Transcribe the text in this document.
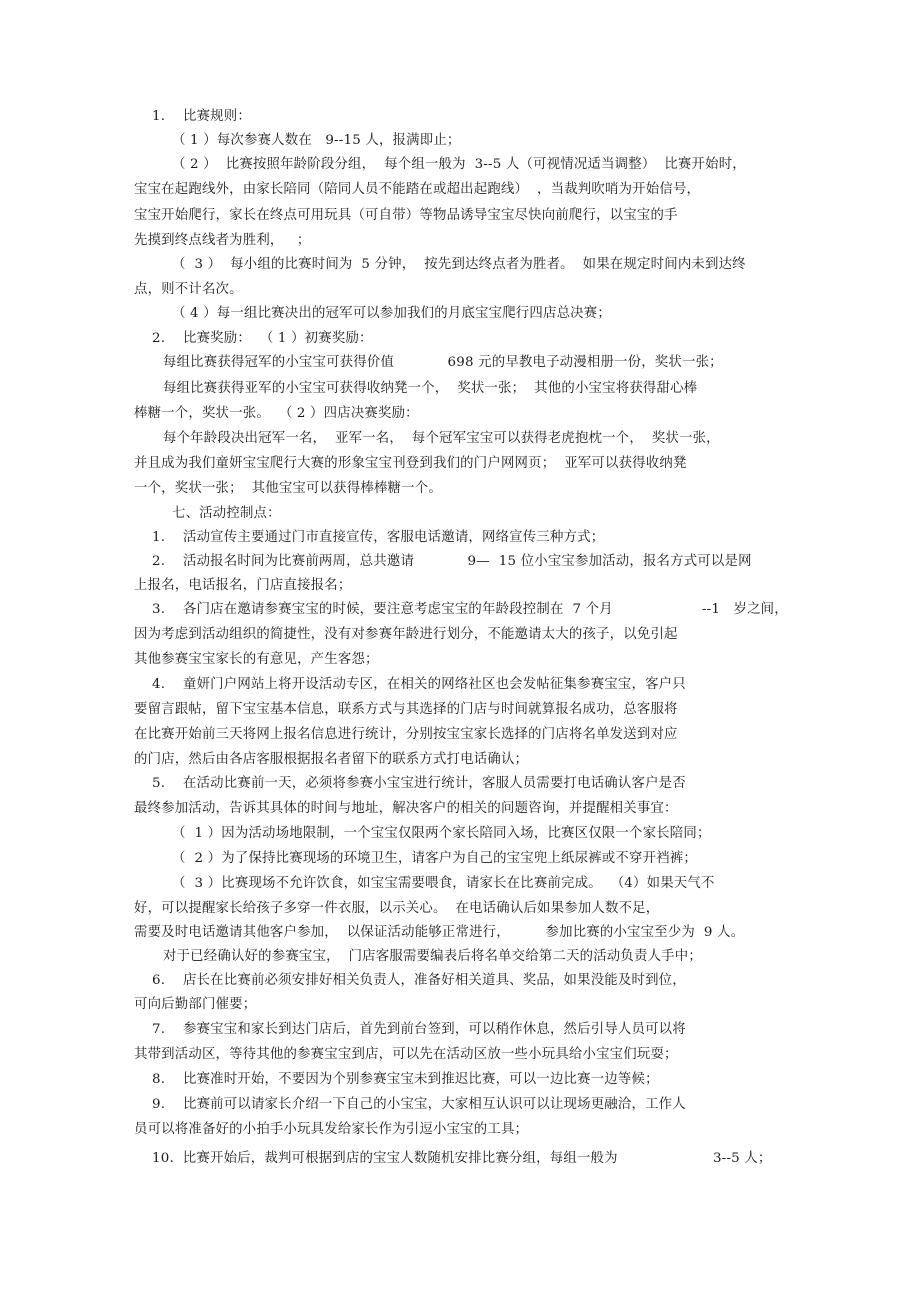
1.    比赛规则：
（ 1 ）每次参赛人数在   9--15 人，报满即止；
（ 2 ）  比赛按照年龄阶段分组，  每个组一般为  3--5 人（可视情况适当调整）  比赛开始时，
宝宝在起跑线外，由家长陪同（陪同人员不能踏在或超出起跑线）  ，当裁判吹哨为开始信号，
宝宝开始爬行，家长在终点可用玩具（可自带）等物品诱导宝宝尽快向前爬行，以宝宝的手
先摸到终点线者为胜利，   ；
（  3 ）  每小组的比赛时间为  5 分钟，  按先到达终点者为胜者。  如果在规定时间内未到达终
点，则不计名次。
（ 4 ）每一组比赛决出的冠军可以参加我们的月底宝宝爬行四店总决赛；
2.    比赛奖励：  （ 1 ）初赛奖励：
每组比赛获得冠军的小宝宝可获得价值            698 元的早教电子动漫相册一份，奖状一张；
每组比赛获得亚军的小宝宝可获得收纳凳一个，  奖状一张；  其他的小宝宝将获得甜心棒
棒糖一个，奖状一张。  （ 2 ）四店决赛奖励：
每个年龄段决出冠军一名，  亚军一名，  每个冠军宝宝可以获得老虎抱枕一个，  奖状一张，
并且成为我们童妍宝宝爬行大赛的形象宝宝刊登到我们的门户网网页；  亚军可以获得收纳凳
一个，奖状一张；  其他宝宝可以获得棒棒糖一个。
七、活动控制点：
1.    活动宣传主要通过门市直接宣传，客服电话邀请，网络宣传三种方式；
2.    活动报名时间为比赛前两周，总共邀请            9—  15 位小宝宝参加活动，报名方式可以是网
上报名，电话报名，门店直接报名；
3.    各门店在邀请参赛宝宝的时候，要注意考虑宝宝的年龄段控制在  7 个月                    --1   岁之间，
因为考虑到活动组织的简捷性，没有对参赛年龄进行划分，不能邀请太大的孩子，以免引起
其他参赛宝宝家长的有意见，产生客怨；
4.    童妍门户网站上将开设活动专区，在相关的网络社区也会发帖征集参赛宝宝，客户只
要留言跟帖，留下宝宝基本信息，联系方式与其选择的门店与时间就算报名成功，总客服将
在比赛开始前三天将网上报名信息进行统计，分别按宝宝家长选择的门店将名单发送到对应
的门店，然后由各店客服根据报名者留下的联系方式打电话确认；
5.    在活动比赛前一天，必须将参赛小宝宝进行统计，客服人员需要打电话确认客户是否
最终参加活动，告诉其具体的时间与地址，解决客户的相关的问题咨询，并提醒相关事宜：
（  1 ）因为活动场地限制，一个宝宝仅限两个家长陪同入场，比赛区仅限一个家长陪同；
（  2 ）为了保持比赛现场的环境卫生，请客户为自己的宝宝兜上纸尿裤或不穿开裆裤；
（  3 ）比赛现场不允许饮食，如宝宝需要喂食，请家长在比赛前完成。  （4）如果天气不
好，可以提醒家长给孩子多穿一件衣服，以示关心。  在电话确认后如果参加人数不足，
需要及时电话邀请其他客户参加，  以保证活动能够正常进行，        参加比赛的小宝宝至少为  9 人。
对于已经确认好的参赛宝宝，  门店客服需要编表后将名单交给第二天的活动负责人手中；
6.    店长在比赛前必须安排好相关负责人，准备好相关道具、奖品，如果没能及时到位，
可向后勤部门催要；
7.    参赛宝宝和家长到达门店后，首先到前台签到，可以稍作休息，然后引导人员可以将
其带到活动区，等待其他的参赛宝宝到店，可以先在活动区放一些小玩具给小宝宝们玩耍；
8.    比赛准时开始，不要因为个别参赛宝宝未到推迟比赛，可以一边比赛一边等候；
9.    比赛前可以请家长介绍一下自己的小宝宝，大家相互认识可以让现场更融洽，工作人
员可以将准备好的小拍手小玩具发给家长作为引逗小宝宝的工具；
10.  比赛开始后，裁判可根据到店的宝宝人数随机安排比赛分组，每组一般为	3--5 人；
